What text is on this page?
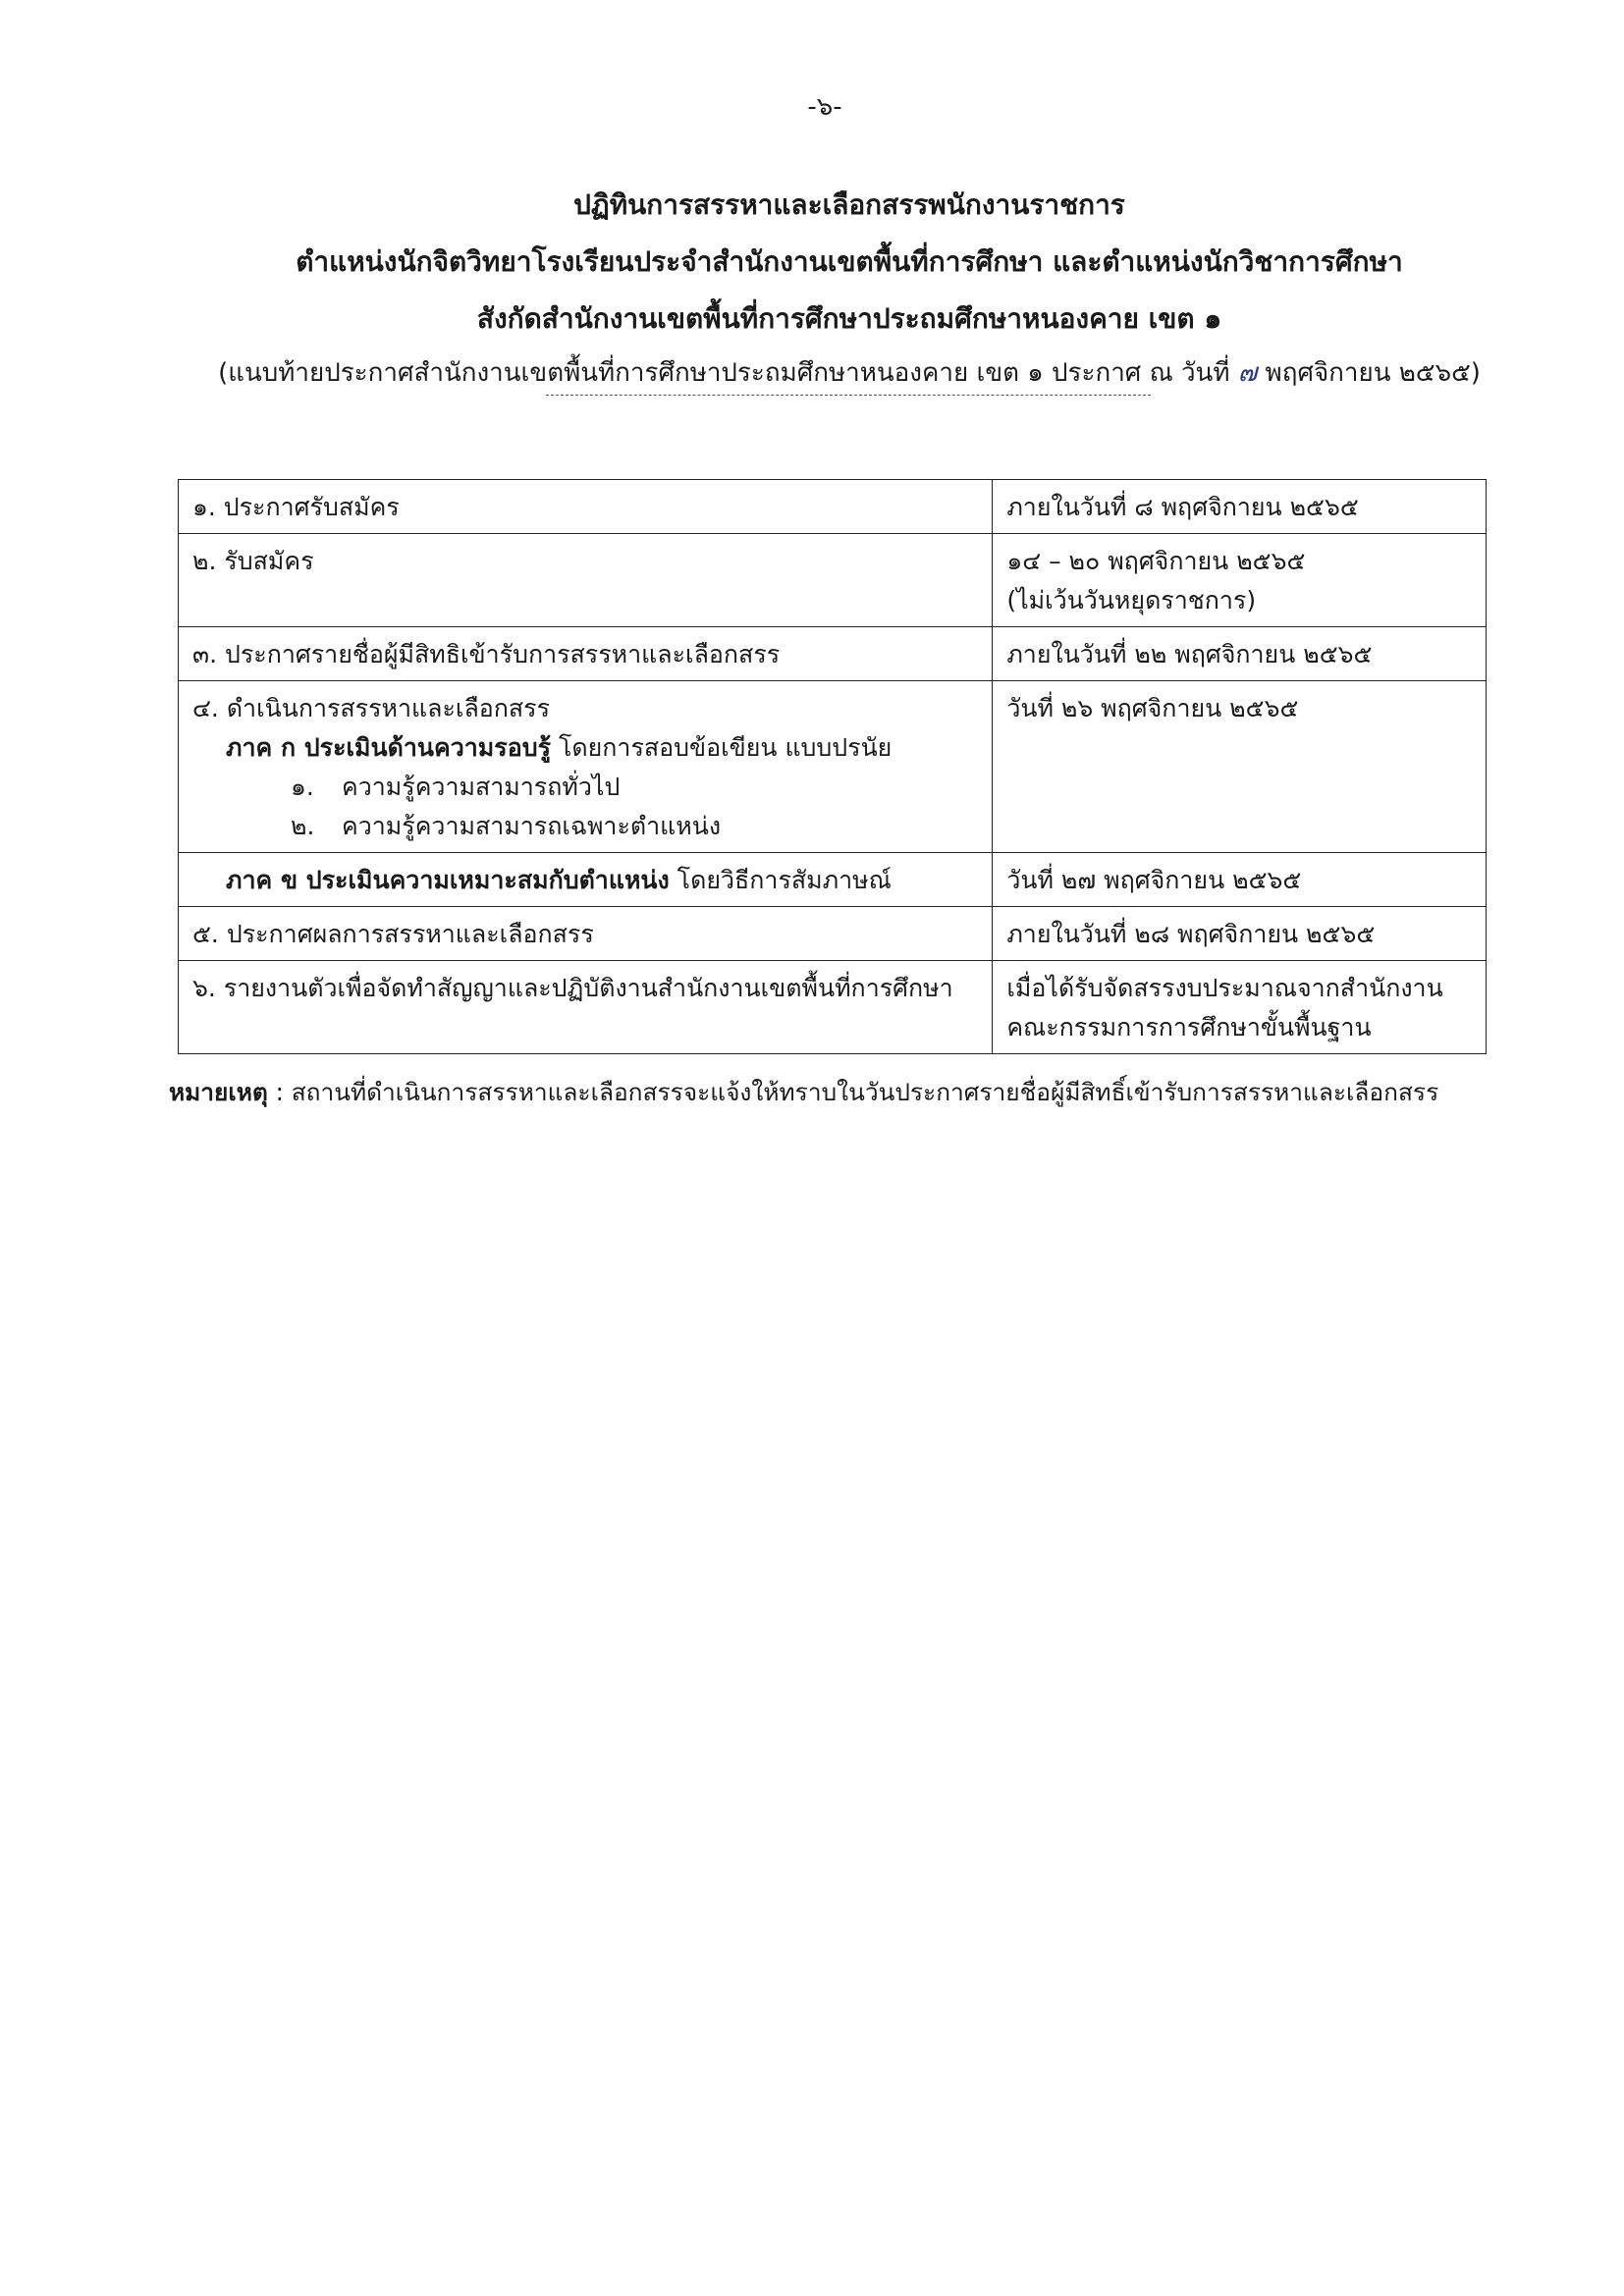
-๖-
ปฏิทินการสรรหาและเลือกสรรพนักงานราชการ
ตำแหน่งนักจิตวิทยาโรงเรียนประจำสำนักงานเขตพื้นที่การศึกษา และตำแหน่งนักวิชาการศึกษา
สังกัดสำนักงานเขตพื้นที่การศึกษาประถมศึกษาหนองคาย เขต ๑
(แนบท้ายประกาศสำนักงานเขตพื้นที่การศึกษาประถมศึกษาหนองคาย เขต ๑ ประกาศ ณ วันที่ ๗ พฤศจิกายน ๒๕๖๕)
๑. ประกาศรับสมัคร	ภายในวันที่ ๘ พฤศจิกายน ๒๕๖๕
๒. รับสมัคร	๑๔ – ๒๐ พฤศจิกายน ๒๕๖๕
(ไม่เว้นวันหยุดราชการ)

๓. ประกาศรายชื่อผู้มีสิทธิเข้ารับการสรรหาและเลือกสรร	ภายในวันที่ ๒๒ พฤศจิกายน ๒๕๖๕

๔. ดำเนินการสรรหาและเลือกสรร
ภาค ก ประเมินด้านความรอบรู้ โดยการสอบข้อเขียน แบบปรนัย
๑. ความรู้ความสามารถทั่วไป
๒. ความรู้ความสามารถเฉพาะตำแหน่ง	วันที่ ๒๖ พฤศจิกายน ๒๕๖๕

ภาค ข ประเมินความเหมาะสมกับตำแหน่ง โดยวิธีการสัมภาษณ์	วันที่ ๒๗ พฤศจิกายน ๒๕๖๕
๕. ประกาศผลการสรรหาและเลือกสรร	ภายในวันที่ ๒๘ พฤศจิกายน ๒๕๖๕
๖. รายงานตัวเพื่อจัดทำสัญญาและปฏิบัติงานสำนักงานเขตพื้นที่การศึกษา	เมื่อได้รับจัดสรรงบประมาณจากสำนักงาน
คณะกรรมการการศึกษาขั้นพื้นฐาน
หมายเหตุ : สถานที่ดำเนินการสรรหาและเลือกสรรจะแจ้งให้ทราบในวันประกาศรายชื่อผู้มีสิทธิ์เข้ารับการสรรหาและเลือกสรร
